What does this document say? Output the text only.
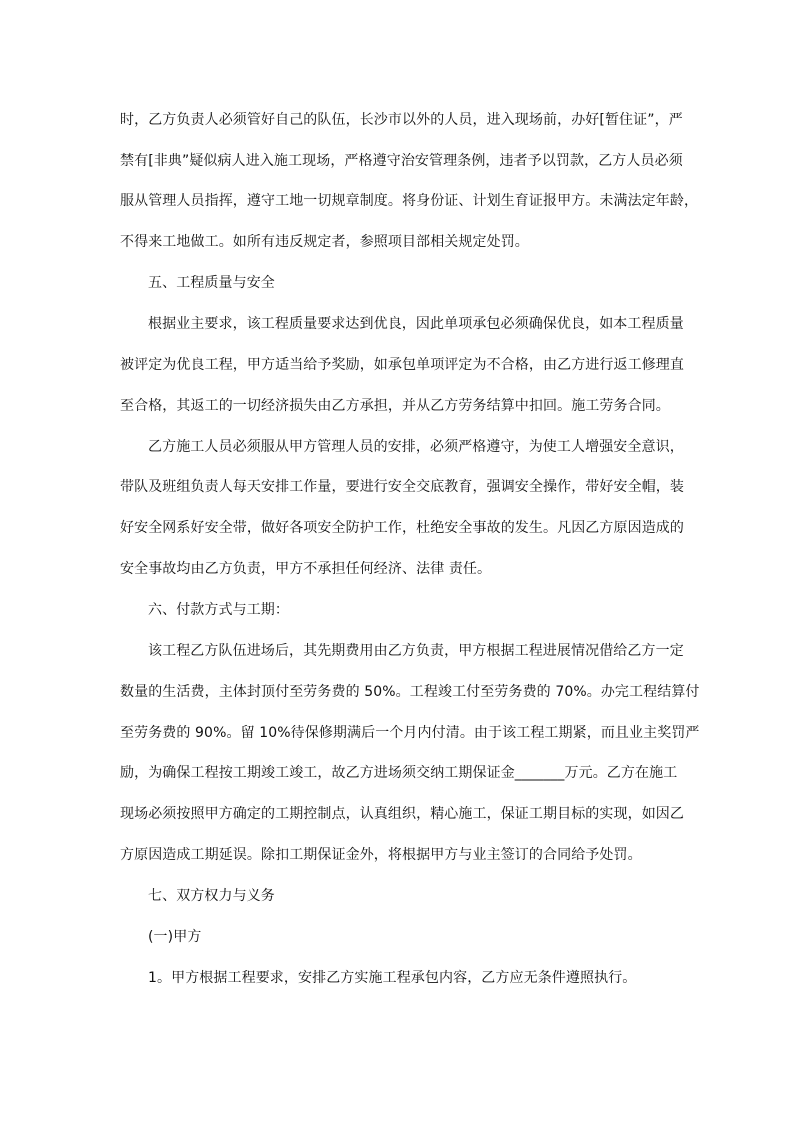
时，乙方负责人必须管好自己的队伍，长沙市以外的人员，进入现场前，办好[暂住证”，严
禁有[非典”疑似病人进入施工现场，严格遵守治安管理条例，违者予以罚款，乙方人员必须
服从管理人员指挥，遵守工地一切规章制度。将身份证、计划生育证报甲方。未满法定年龄，
不得来工地做工。如所有违反规定者，参照项目部相关规定处罚。
五、工程质量与安全
根据业主要求，该工程质量要求达到优良，因此单项承包必须确保优良，如本工程质量
被评定为优良工程，甲方适当给予奖励，如承包单项评定为不合格，由乙方进行返工修理直
至合格，其返工的一切经济损失由乙方承担，并从乙方劳务结算中扣回。施工劳务合同。
乙方施工人员必须服从甲方管理人员的安排，必须严格遵守，为使工人增强安全意识，
带队及班组负责人每天安排工作量，要进行安全交底教育，强调安全操作，带好安全帽，装
好安全网系好安全带，做好各项安全防护工作，杜绝安全事故的发生。凡因乙方原因造成的
安全事故均由乙方负责，甲方不承担任何经济、法律 责任。
六、付款方式与工期：
该工程乙方队伍进场后，其先期费用由乙方负责，甲方根据工程进展情况借给乙方一定
数量的生活费，主体封顶付至劳务费的 50%。工程竣工付至劳务费的 70%。办完工程结算付
至劳务费的 90%。留 10%待保修期满后一个月内付清。由于该工程工期紧，而且业主奖罚严
励，为确保工程按工期竣工竣工，故乙方进场须交纳工期保证金_______万元。乙方在施工
现场必须按照甲方确定的工期控制点，认真组织，精心施工，保证工期目标的实现，如因乙
方原因造成工期延误。除扣工期保证金外，将根据甲方与业主签订的合同给予处罚。
七、双方权力与义务
(一)甲方
1。甲方根据工程要求，安排乙方实施工程承包内容，乙方应无条件遵照执行。
